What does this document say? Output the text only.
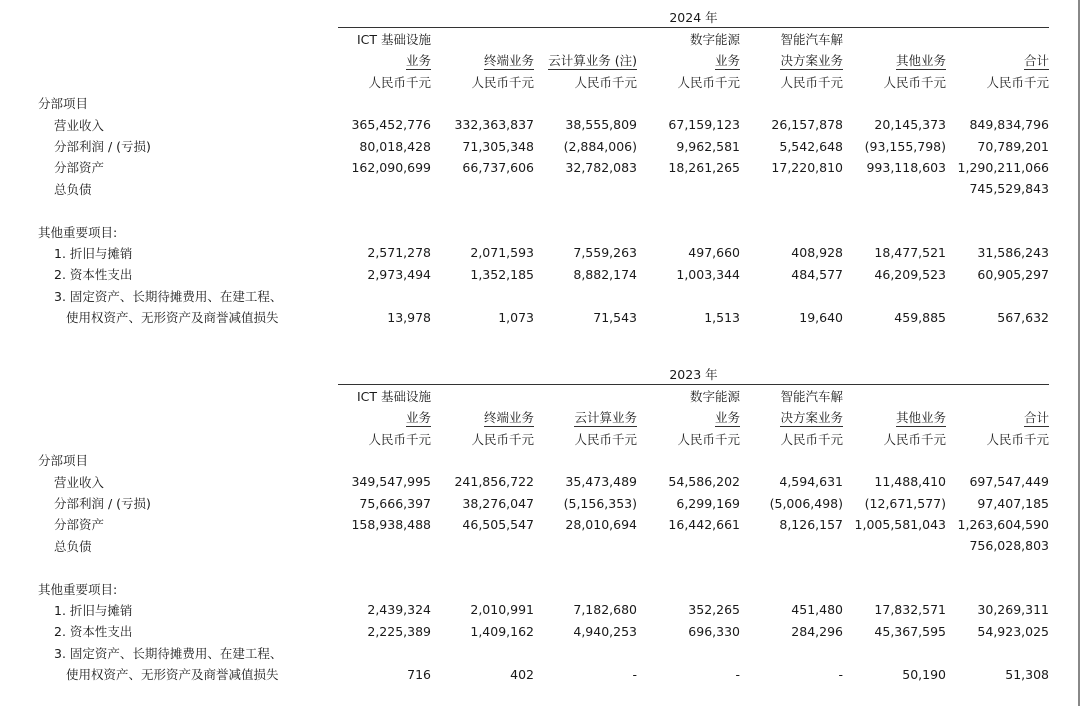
	2024 年						
	ICT 基础设施			数字能源	智能汽车解		
	业务	终端业务	云计算业务 (注)	业务	决方案业务	其他业务	合计
	人民币千元	人民币千元	人民币千元	人民币千元	人民币千元	人民币千元	人民币千元
分部项目							
营业收入	365,452,776	332,363,837	38,555,809	67,159,123	26,157,878	20,145,373	849,834,796
分部利润 / (亏损)	80,018,428	71,305,348	(2,884,006)	9,962,581	5,542,648	(93,155,798)	70,789,201
分部资产	162,090,699	66,737,606	32,782,083	18,261,265	17,220,810	993,118,603	1,290,211,066
总负债							745,529,843

其他重要项目:							
1. 折旧与摊销	2,571,278	2,071,593	7,559,263	497,660	408,928	18,477,521	31,586,243
2. 资本性支出	2,973,494	1,352,185	8,882,174	1,003,344	484,577	46,209,523	60,905,297
3. 固定资产、长期待摊费用、在建工程、							
使用权资产、无形资产及商誉减值损失	13,978	1,073	71,543	1,513	19,640	459,885	567,632
	2023 年						
	ICT 基础设施			数字能源	智能汽车解		
	业务	终端业务	云计算业务	业务	决方案业务	其他业务	合计
	人民币千元	人民币千元	人民币千元	人民币千元	人民币千元	人民币千元	人民币千元
分部项目							
营业收入	349,547,995	241,856,722	35,473,489	54,586,202	4,594,631	11,488,410	697,547,449
分部利润 / (亏损)	75,666,397	38,276,047	(5,156,353)	6,299,169	(5,006,498)	(12,671,577)	97,407,185
分部资产	158,938,488	46,505,547	28,010,694	16,442,661	8,126,157	1,005,581,043	1,263,604,590
总负债							756,028,803

其他重要项目:							
1. 折旧与摊销	2,439,324	2,010,991	7,182,680	352,265	451,480	17,832,571	30,269,311
2. 资本性支出	2,225,389	1,409,162	4,940,253	696,330	284,296	45,367,595	54,923,025
3. 固定资产、长期待摊费用、在建工程、							
使用权资产、无形资产及商誉减值损失	716	402	-	-	-	50,190	51,308
